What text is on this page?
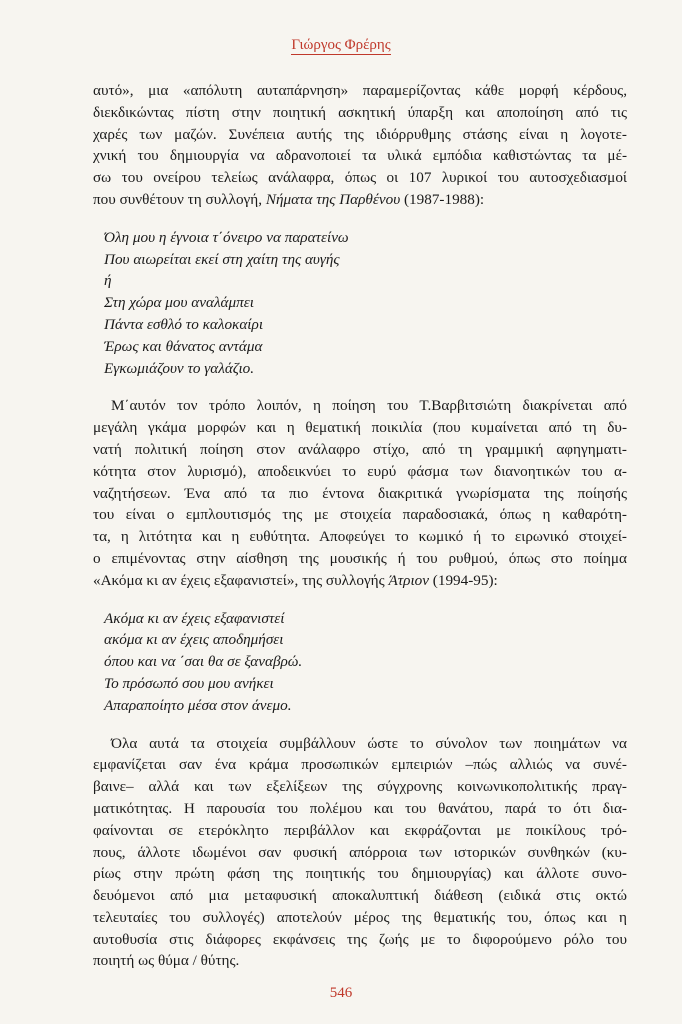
Γιώργος Φρέρης
αυτό», μια «απόλυτη αυταπάρνηση» παραμερίζοντας κάθε μορφή κέρδους,
διεκδικώντας πίστη στην ποιητική ασκητική ύπαρξη και αποποίηση από τις
χαρές των μαζών. Συνέπεια αυτής της ιδιόρρυθμης στάσης είναι η λογοτε-
χνική του δημιουργία να αδρανοποιεί τα υλικά εμπόδια καθιστώντας τα μέ-
σω του ονείρου τελείως ανάλαφρα, όπως οι 107 λυρικοί του αυτοσχεδιασμοί
που συνθέτουν τη συλλογή, Νήματα της Παρθένου (1987-1988):
Όλη μου η έγνοια τ΄όνειρο να παρατείνω
Που αιωρείται εκεί στη χαίτη της αυγής
ή
Στη χώρα μου αναλάμπει
Πάντα εσθλό το καλοκαίρι
Έρως και θάνατος αντάμα
Εγκωμιάζουν το γαλάζιο.
Μ΄αυτόν τον τρόπο λοιπόν, η ποίηση του Τ.Βαρβιτσιώτη διακρίνεται από
μεγάλη γκάμα μορφών και η θεματική ποικιλία (που κυμαίνεται από τη δυ-
νατή πολιτική ποίηση στον ανάλαφρο στίχο, από τη γραμμική αφηγηματι-
κότητα στον λυρισμό), αποδεικνύει το ευρύ φάσμα των διανοητικών του α-
ναζητήσεων. Ένα από τα πιο έντονα διακριτικά γνωρίσματα της ποίησής
του είναι ο εμπλουτισμός της με στοιχεία παραδοσιακά, όπως η καθαρότη-
τα, η λιτότητα και η ευθύτητα. Αποφεύγει το κωμικό ή το ειρωνικό στοιχεί-
ο επιμένοντας στην αίσθηση της μουσικής ή του ρυθμού, όπως στο ποίημα
«Ακόμα κι αν έχεις εξαφανιστεί», της συλλογής Άτριον (1994-95):
Ακόμα κι αν έχεις εξαφανιστεί
ακόμα κι αν έχεις αποδημήσει
όπου και να ΄σαι θα σε ξαναβρώ.
Το πρόσωπό σου μου ανήκει
Απαραποίητο μέσα στον άνεμο.
Όλα αυτά τα στοιχεία συμβάλλουν ώστε το σύνολον των ποιημάτων να
εμφανίζεται σαν ένα κράμα προσωπικών εμπειριών –πώς αλλιώς να συνέ-
βαινε– αλλά και των εξελίξεων της σύγχρονης κοινωνικοπολιτικής πραγ-
ματικότητας. Η παρουσία του πολέμου και του θανάτου, παρά το ότι δια-
φαίνονται σε ετερόκλητο περιβάλλον και εκφράζονται με ποικίλους τρό-
πους, άλλοτε ιδωμένοι σαν φυσική απόρροια των ιστορικών συνθηκών (κυ-
ρίως στην πρώτη φάση της ποιητικής του δημιουργίας) και άλλοτε συνο-
δευόμενοι από μια μεταφυσική αποκαλυπτική διάθεση (ειδικά στις οκτώ
τελευταίες του συλλογές) αποτελούν μέρος της θεματικής του, όπως και η
αυτοθυσία στις διάφορες εκφάνσεις της ζωής με το διφορούμενο ρόλο του
ποιητή ως θύμα / θύτης.
546
